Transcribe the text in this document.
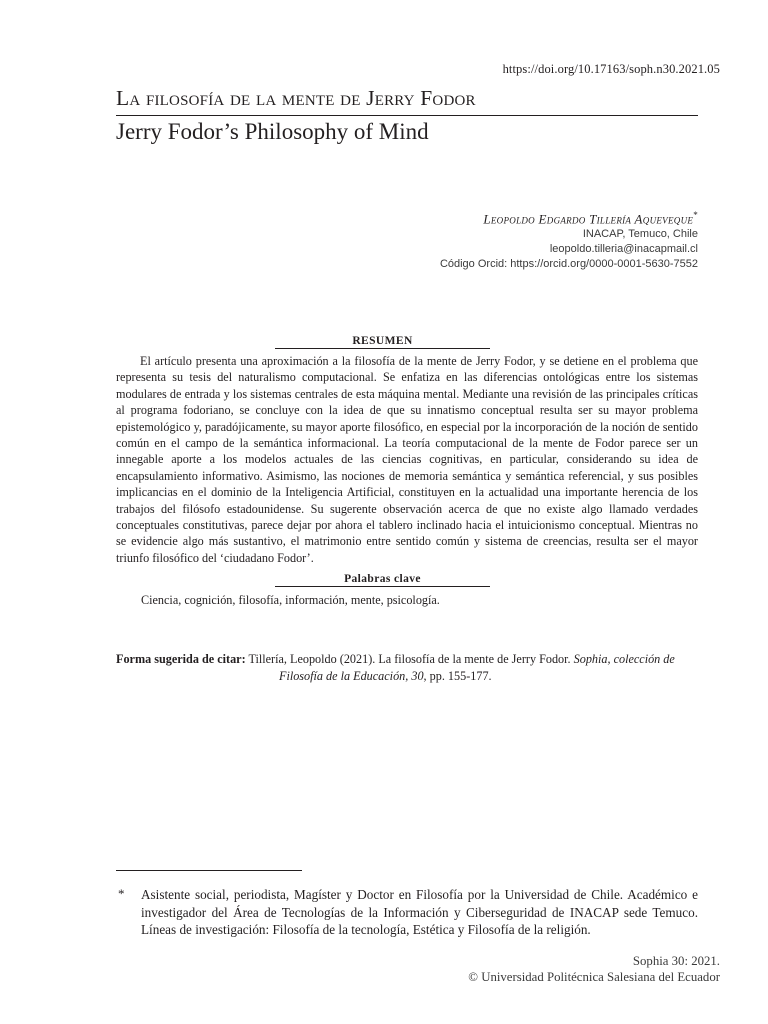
https://doi.org/10.17163/soph.n30.2021.05
La filosofía de la mente de Jerry Fodor
Jerry Fodor’s Philosophy of Mind
Leopoldo Edgardo Tillería Aqueveque*
INACAP, Temuco, Chile
leopoldo.tilleria@inacapmail.cl
Código Orcid: https://orcid.org/0000-0001-5630-7552
RESUMEN

El artículo presenta una aproximación a la filosofía de la mente de Jerry Fodor, y se detiene en el problema que representa su tesis del naturalismo computacional. Se enfatiza en las diferencias ontológicas entre los sistemas modulares de entrada y los sistemas centrales de esta máquina mental. Mediante una revisión de las principales críticas al programa fodoriano, se concluye con la idea de que su innatismo conceptual resulta ser su mayor problema epistemológico y, paradójicamente, su mayor aporte filosófico, en especial por la incorporación de la noción de sentido común en el campo de la semántica informacional. La teoría computacional de la mente de Fodor parece ser un innegable aporte a los modelos actuales de las ciencias cognitivas, en particular, considerando su idea de encapsulamiento informativo. Asimismo, las nociones de memoria semántica y semántica referencial, y sus posibles implicancias en el dominio de la Inteligencia Artificial, constituyen en la actualidad una importante herencia de los trabajos del filósofo estadounidense. Su sugerente observación acerca de que no existe algo llamado verdades conceptuales constitutivas, parece dejar por ahora el tablero inclinado hacia el intuicionismo conceptual. Mientras no se evidencie algo más sustantivo, el matrimonio entre sentido común y sistema de creencias, resulta ser el mayor triunfo filosófico del ‘ciudadano Fodor’.

Palabras clave
Ciencia, cognición, filosofía, información, mente, psicología.
Forma sugerida de citar: Tillería, Leopoldo (2021). La filosofía de la mente de Jerry Fodor. Sophia, colección de
Filosofía de la Educación, 30, pp. 155-177.
* Asistente social, periodista, Magíster y Doctor en Filosofía por la Universidad de Chile. Académico e investigador del Área de Tecnologías de la Información y Ciberseguridad de INACAP sede Temuco. Líneas de investigación: Filosofía de la tecnología, Estética y Filosofía de la religión.

Sophia 30: 2021.
© Universidad Politécnica Salesiana del Ecuador
